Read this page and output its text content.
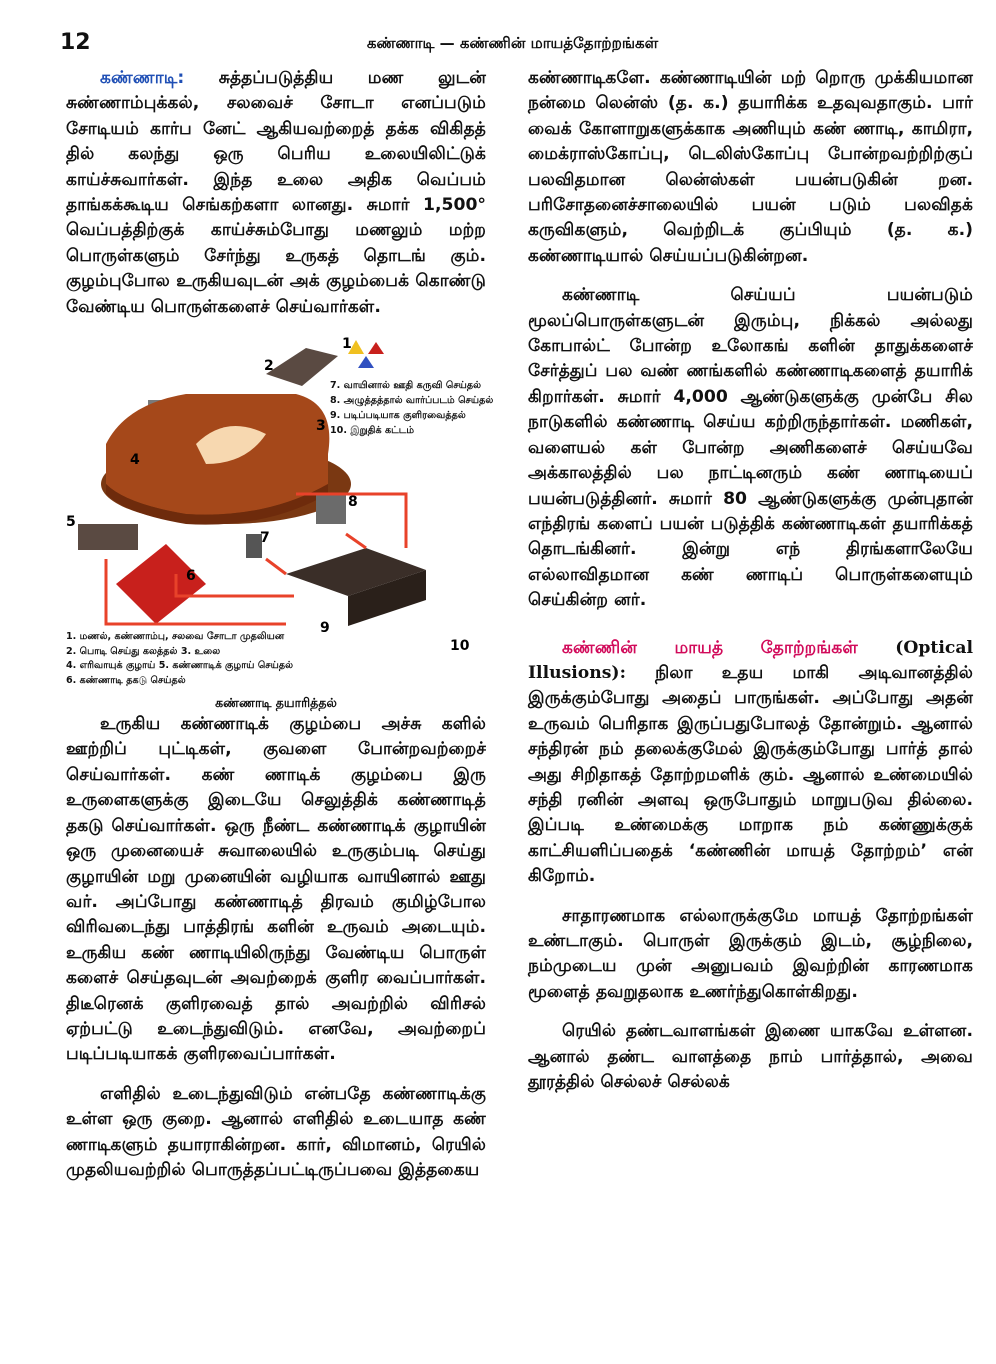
12	கண்ணாடி — கண்ணின் மாயத்தோற்றங்கள்

கண்ணாடி: சுத்தப்படுத்திய மண லுடன் சுண்ணாம்புக்கல், சலவைச் சோடா எனப்படும் சோடியம் கார்ப னேட் ஆகியவற்றைத் தக்க விகிதத் தில் கலந்து ஒரு பெரிய உலையிலிட்டுக் காய்ச்சுவார்கள். இந்த உலை அதிக வெப்பம் தாங்கக்கூடிய செங்கற்களா லானது. சுமார் 1,500° வெப்பத்திற்குக் காய்ச்சும்போது மணலும் மற்ற பொருள்களும் சேர்ந்து உருகத் தொடங் கும். குழம்புபோல உருகியவுடன் அக் குழம்பைக் கொண்டு வேண்டிய பொருள்களைச் செய்வார்கள்.

1
2
3
4
5
6
7
8
9
10
7. வாயினால் ஊதி கருவி செய்தல்
8. அழுத்தத்தால் வார்ப்படம் செய்தல்
9. படிப்படியாக குளிரவைத்தல்
10. இறுதிக் கட்டம்
1. மணல், கண்ணாம்பு, சலவை சோடா முதலியன
2. பொடி செய்து கலத்தல் 3. உலை
4. எரிவாயுக் குழாய் 5. கண்ணாடிக் குழாய் செய்தல்
6. கண்ணாடி தகடு செய்தல்
கண்ணாடி தயாரித்தல்

உருகிய கண்ணாடிக் குழம்பை அச்சு களில் ஊற்றிப் புட்டிகள், குவளை போன்றவற்றைச் செய்வார்கள். கண் ணாடிக் குழம்பை இரு உருளைகளுக்கு இடையே செலுத்திக் கண்ணாடித் தகடு செய்வார்கள். ஒரு நீண்ட கண்ணாடிக் குழாயின் ஒரு முனையைச் சுவாலையில் உருகும்படி செய்து குழாயின் மறு முனையின் வழியாக வாயினால் ஊது வர். அப்போது கண்ணாடித் திரவம் குமிழ்போல விரிவடைந்து பாத்திரங் களின் உருவம் அடையும். உருகிய கண் ணாடியிலிருந்து வேண்டிய பொருள் களைச் செய்தவுடன் அவற்றைக் குளிர வைப்பார்கள். திடீரெனக் குளிரவைத் தால் அவற்றில் விரிசல் ஏற்பட்டு உடைந்துவிடும். எனவே, அவற்றைப் படிப்படியாகக் குளிரவைப்பார்கள்.

எளிதில் உடைந்துவிடும் என்பதே கண்ணாடிக்கு உள்ள ஒரு குறை. ஆனால் எளிதில் உடையாத கண் ணாடிகளும் தயாராகின்றன. கார், விமானம், ரெயில் முதலியவற்றில் பொருத்தப்பட்டிருப்பவை இத்தகைய

கண்ணாடிகளே. கண்ணாடியின் மற் றொரு முக்கியமான நன்மை லென்ஸ் (த. க.) தயாரிக்க உதவுவதாகும். பார் வைக் கோளாறுகளுக்காக அணியும் கண் ணாடி, காமிரா, மைக்ராஸ்கோப்பு, டெலிஸ்கோப்பு போன்றவற்றிற்குப் பலவிதமான லென்ஸ்கள் பயன்படுகின் றன. பரிசோதனைச்சாலையில் பயன் படும் பலவிதக் கருவிகளும், வெற்றிடக் குப்பியும் (த. க.) கண்ணாடியால் செய்யப்படுகின்றன.

கண்ணாடி செய்யப் பயன்படும் மூலப்பொருள்களுடன் இரும்பு, நிக்கல் அல்லது கோபால்ட் போன்ற உலோகங் களின் தாதுக்களைச் சேர்த்துப் பல வண் ணங்களில் கண்ணாடிகளைத் தயாரிக் கிறார்கள். சுமார் 4,000 ஆண்டுகளுக்கு முன்பே சில நாடுகளில் கண்ணாடி செய்ய கற்றிருந்தார்கள். மணிகள், வளையல் கள் போன்ற அணிகளைச் செய்யவே அக்காலத்தில் பல நாட்டினரும் கண் ணாடியைப் பயன்படுத்தினர். சுமார் 80 ஆண்டுகளுக்கு முன்புதான் எந்திரங் களைப் பயன் படுத்திக் கண்ணாடிகள் தயாரிக்கத் தொடங்கினர். இன்று எந் திரங்களாலேயே எல்லாவிதமான கண் ணாடிப் பொருள்களையும் செய்கின்ற னர்.

கண்ணின் மாயத் தோற்றங்கள் (Optical Illusions): நிலா உதய மாகி அடிவானத்தில் இருக்கும்போது அதைப் பாருங்கள். அப்போது அதன் உருவம் பெரிதாக இருப்பதுபோலத் தோன்றும். ஆனால் சந்திரன் நம் தலைக்குமேல் இருக்கும்போது பார்த் தால் அது சிறிதாகத் தோற்றமளிக் கும். ஆனால் உண்மையில் சந்தி ரனின் அளவு ஒருபோதும் மாறுபடுவ தில்லை. இப்படி உண்மைக்கு மாறாக நம் கண்ணுக்குக் காட்சியளிப்பதைக் ‘கண்ணின் மாயத் தோற்றம்’ என் கிறோம்.

சாதாரணமாக எல்லாருக்குமே மாயத் தோற்றங்கள் உண்டாகும். பொருள் இருக்கும் இடம், சூழ்நிலை, நம்முடைய முன் அனுபவம் இவற்றின் காரணமாக மூளைத் தவறுதலாக உணர்ந்துகொள்கிறது.

ரெயில் தண்டவாளங்கள் இணை யாகவே உள்ளன. ஆனால் தண்ட வாளத்தை நாம் பார்த்தால், அவை தூரத்தில் செல்லச் செல்லக்
